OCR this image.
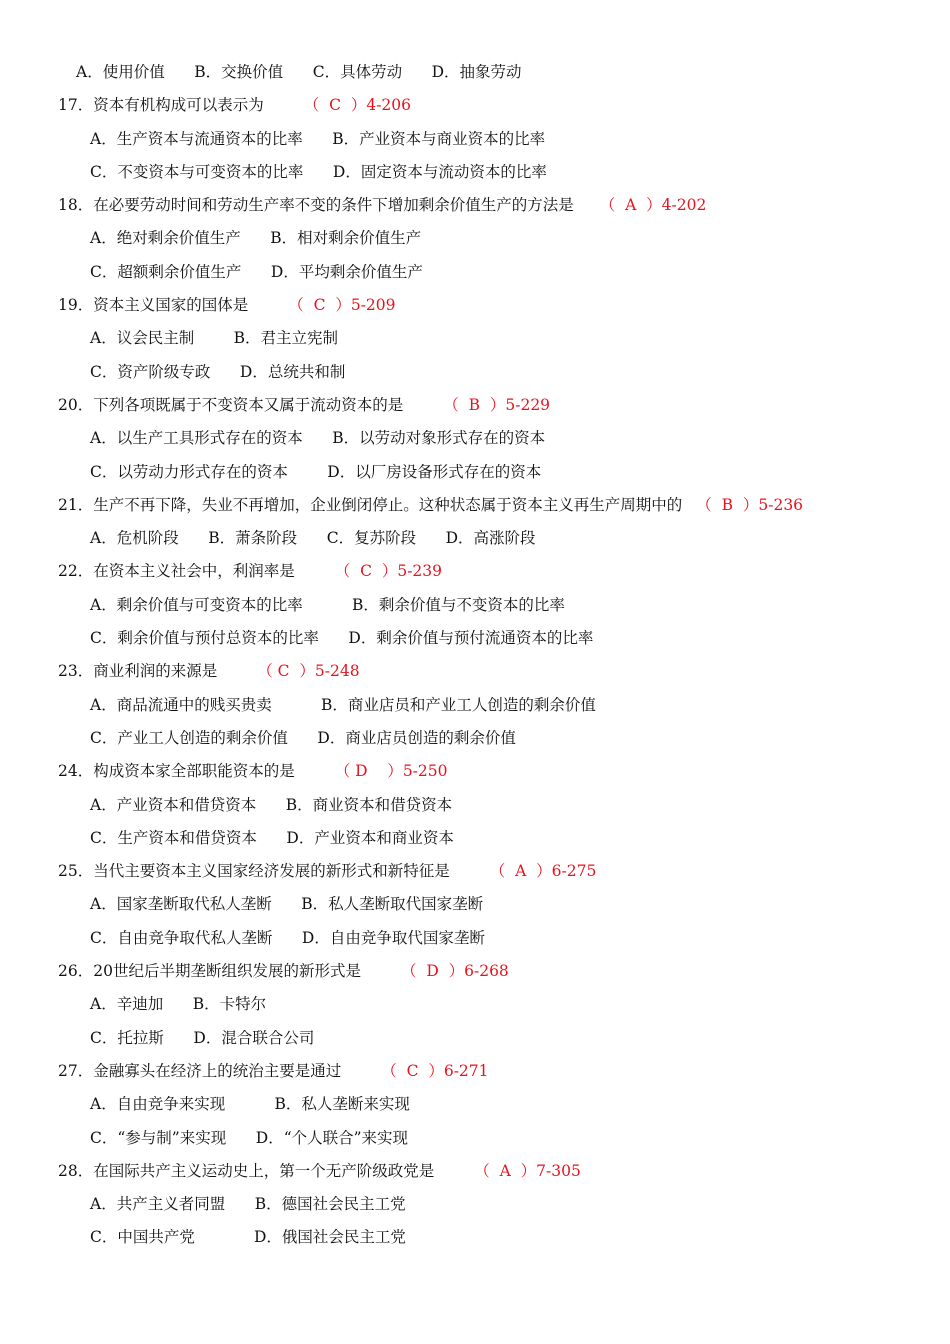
A．使用价值      B．交换价值      C．具体劳动      D．抽象劳动
17．资本有机构成可以表示为	（  C  ）4-206
A．生产资本与流通资本的比率      B．产业资本与商业资本的比率
C．不变资本与可变资本的比率      D．固定资本与流动资本的比率
18．在必要劳动时间和劳动生产率不变的条件下增加剩余价值生产的方法是 （  A  ）4-202
A．绝对剩余价值生产      B．相对剩余价值生产
C．超额剩余价值生产      D．平均剩余价值生产
19．资本主义国家的国体是	（  C  ）5-209
A．议会民主制        B．君主立宪制
C．资产阶级专政      D．总统共和制
20．下列各项既属于不变资本又属于流动资本的是	（  B  ）5-229
A．以生产工具形式存在的资本      B．以劳动对象形式存在的资本
C．以劳动力形式存在的资本        D．以厂房设备形式存在的资本
21．生产不再下降，失业不再增加，企业倒闭停止。这种状态属于资本主义再生产周期中的 （  B  ）5-236
A．危机阶段      B．萧条阶段      C．复苏阶段      D．高涨阶段
22．在资本主义社会中，利润率是	（  C  ）5-239
A．剩余价值与可变资本的比率          B．剩余价值与不变资本的比率
C．剩余价值与预付总资本的比率      D．剩余价值与预付流通资本的比率
23．商业利润的来源是	（ C  ）5-248
A．商品流通中的贱买贵卖          B．商业店员和产业工人创造的剩余价值
C．产业工人创造的剩余价值      D．商业店员创造的剩余价值
24．构成资本家全部职能资本的是	（ D    ）5-250
A．产业资本和借贷资本      B．商业资本和借贷资本
C．生产资本和借贷资本      D．产业资本和商业资本
25．当代主要资本主义国家经济发展的新形式和新特征是	（  A  ）6-275
A．国家垄断取代私人垄断      B．私人垄断取代国家垄断
C．自由竞争取代私人垄断      D．自由竞争取代国家垄断
26．20世纪后半期垄断组织发展的新形式是	（  D  ）6-268
A．辛迪加      B．卡特尔
C．托拉斯      D．混合联合公司
27．金融寡头在经济上的统治主要是通过	（  C  ）6-271
A．自由竞争来实现          B．私人垄断来实现
C．“参与制”来实现      D．“个人联合”来实现
28．在国际共产主义运动史上，第一个无产阶级政党是	（  A  ）7-305
A．共产主义者同盟      B．德国社会民主工党
C．中国共产党            D．俄国社会民主工党
